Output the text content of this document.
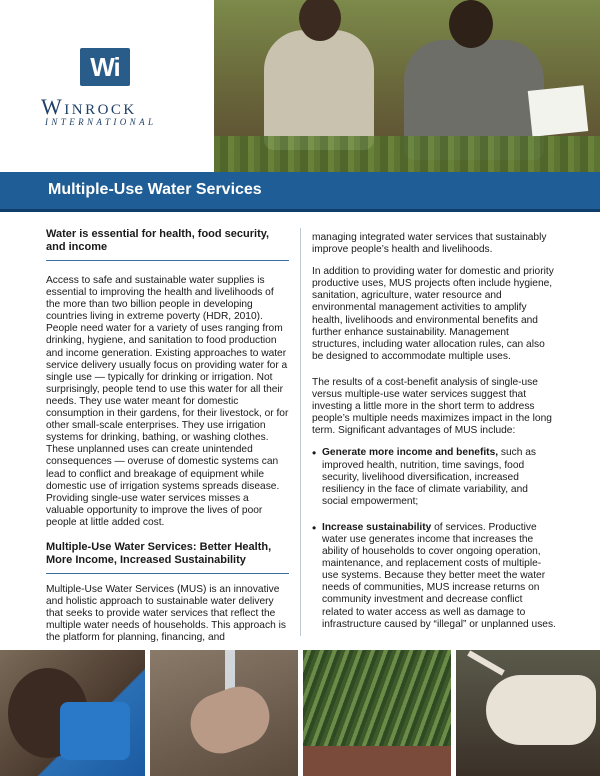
Wi
Winrock
INTERNATIONAL
Multiple-Use Water Services
Water is essential for health, food security, and income

Access to safe and sustainable water supplies is essential to improving the health and livelihoods of the more than two billion people in developing countries living in extreme poverty (HDR, 2010). People need water for a variety of uses ranging from drinking, hygiene, and sanitation to food production and income generation. Existing approaches to water service delivery usually focus on providing water for a single use — typically for drinking or irrigation. Not surprisingly, people tend to use this water for all their needs. They use water meant for domestic consumption in their gardens, for their livestock, or for other small-scale enterprises. They use irrigation systems for drinking, bathing, or washing clothes. These unplanned uses can create unintended consequences — overuse of domestic systems can lead to conflict and breakage of equipment while domestic use of irrigation systems spreads disease. Providing single-use water services misses a valuable opportunity to improve the lives of poor people at little added cost.

Multiple-Use Water Services: Better Health, More Income, Increased Sustainability

Multiple-Use Water Services (MUS) is an innovative and holistic approach to sustainable water delivery that seeks to provide water services that reflect the multiple water needs of households. This approach is the platform for planning, financing, and

managing integrated water services that sustainably improve people’s health and livelihoods.

In addition to providing water for domestic and priority productive uses, MUS projects often include hygiene, sanitation, agriculture, water resource and environmental management activities to amplify health, livelihoods and environmental benefits and further enhance sustainability. Management structures, including water allocation rules, can also be designed to accommodate multiple uses.

The results of a cost-benefit analysis of single-use versus multiple-use water services suggest that investing a little more in the short term to address people’s multiple needs maximizes impact in the long term. Significant advantages of MUS include:

• Generate more income and benefits, such as improved health, nutrition, time savings, food security, livelihood diversification, increased resiliency in the face of climate variability, and social empowerment;
• Increase sustainability of services. Productive water use generates income that increases the ability of households to cover ongoing operation, maintenance, and replacement costs of multiple-use systems. Because they better meet the water needs of communities, MUS increase returns on community investment and decrease conflict related to water access as well as damage to infrastructure caused by “illegal” or unplanned uses.
